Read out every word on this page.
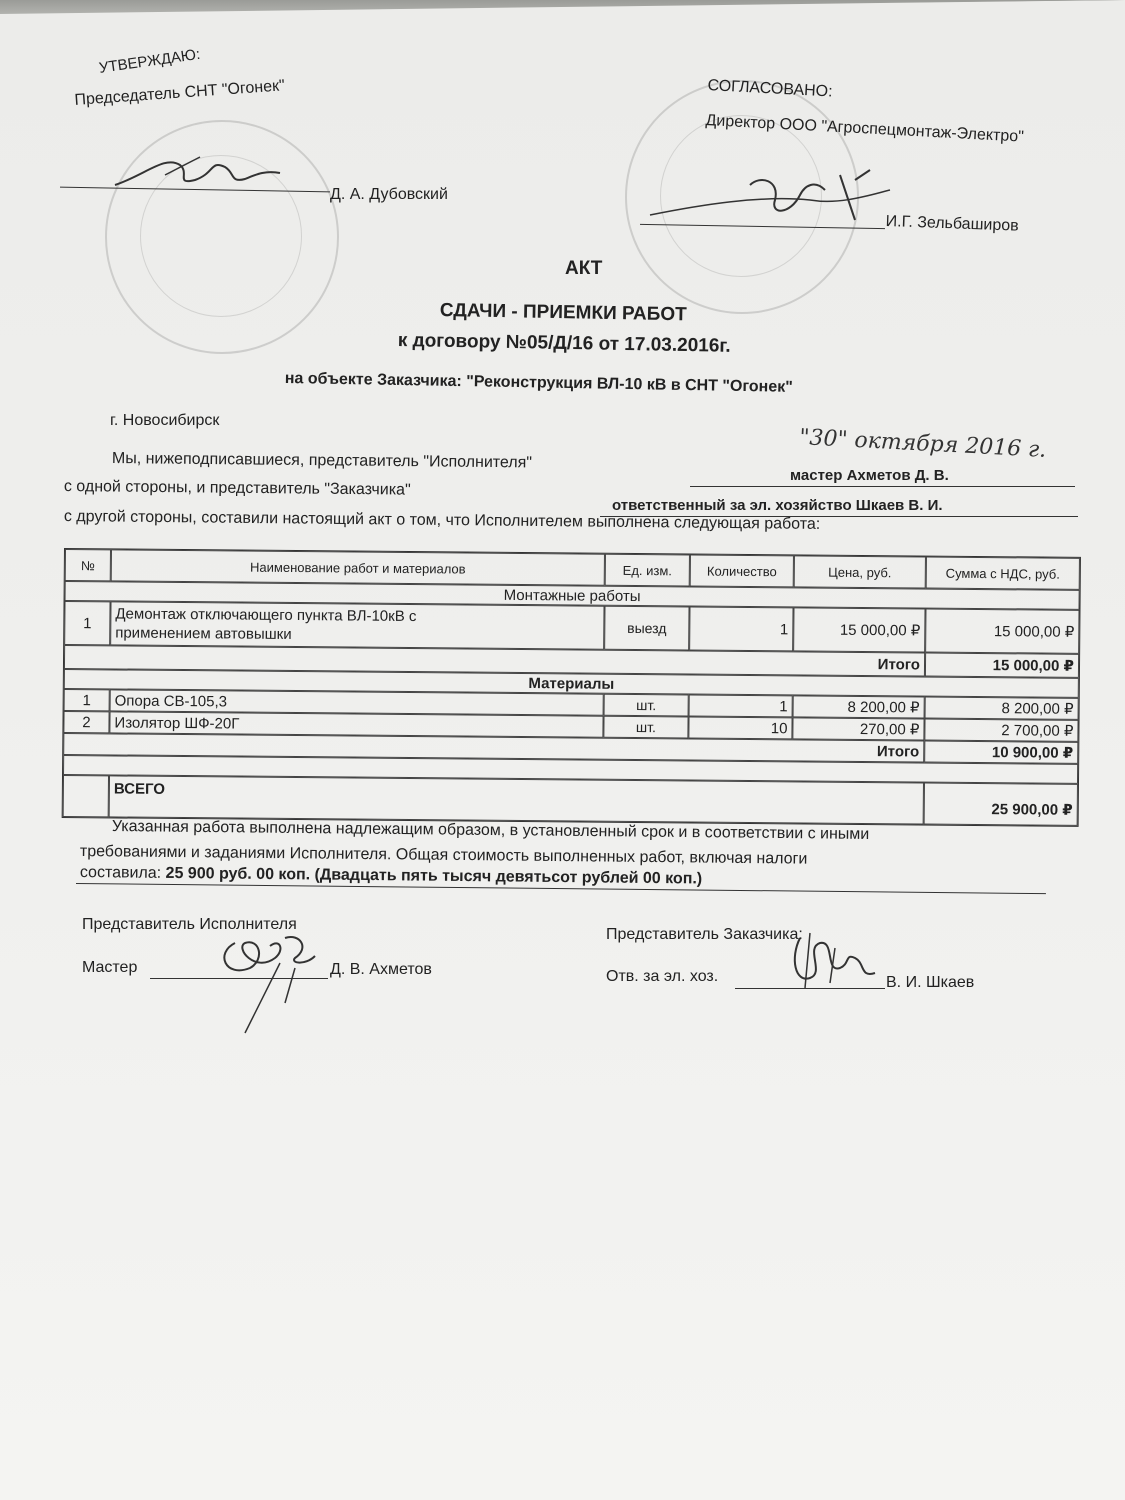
УТВЕРЖДАЮ:
Председатель СНТ "Огонек"
Д. А. Дубовский
СОГЛАСОВАНО:
Директор ООО "Агроспецмонтаж-Электро"
И.Г. Зельбаширов
АКТ
СДАЧИ - ПРИЕМКИ РАБОТ
к договору №05/Д/16 от 17.03.2016г.
на объекте Заказчика: "Реконструкция ВЛ-10 кВ в СНТ "Огонек"
г. Новосибирск
"30" октября 2016 г.
Мы, нижеподписавшиеся, представитель "Исполнителя"
мастер Ахметов Д. В.
с одной стороны, и представитель "Заказчика"
ответственный за эл. хозяйство Шкаев В. И.
с другой стороны, составили настоящий акт о том, что Исполнителем выполнена следующая работа:
№	Наименование работ и материалов	Ед. изм.	Количество	Цена, руб.	Сумма с НДС, руб.
Монтажные работы
1	Демонтаж отключающего пункта ВЛ-10кВ с
применением автовышки	выезд	1	15 000,00 ₽	15 000,00 ₽
Итого	15 000,00 ₽
Материалы
1	Опора СВ-105,3	шт.	1	8 200,00 ₽	8 200,00 ₽
2	Изолятор ШФ-20Г	шт.	10	270,00 ₽	2 700,00 ₽
Итого	10 900,00 ₽
ВСЕГО
25 900,00 ₽
Указанная работа выполнена надлежащим образом, в установленный срок и в соответствии с иными
требованиями и заданиями Исполнителя. Общая стоимость выполненных работ, включая налоги
составила: 25 900 руб. 00 коп. (Двадцать пять тысяч девятьсот рублей 00 коп.)
Представитель Исполнителя
Мастер	Д. В. Ахметов
Представитель Заказчика:
Отв. за эл. хоз.	В. И. Шкаев
